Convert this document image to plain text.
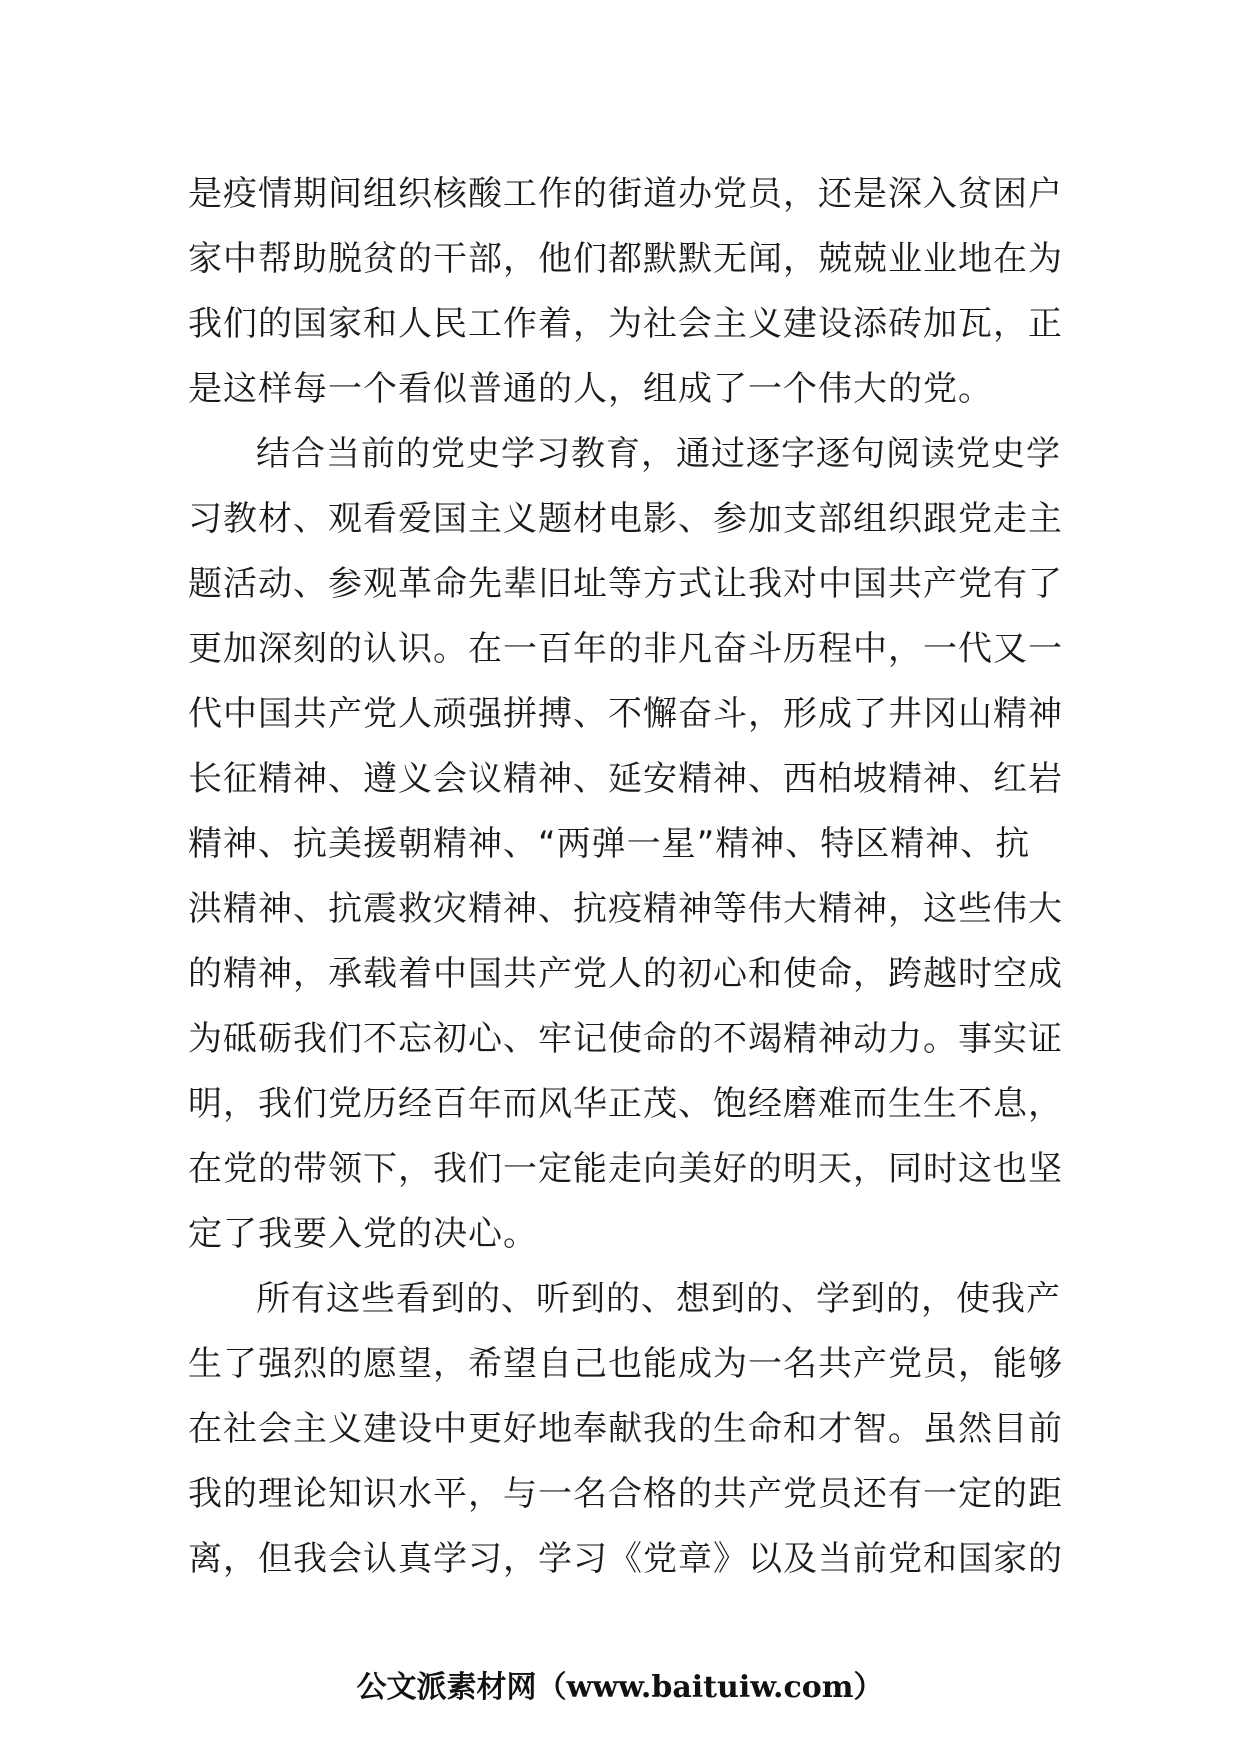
是疫情期间组织核酸工作的街道办党员，还是深入贫困户
家中帮助脱贫的干部，他们都默默无闻，兢兢业业地在为
我们的国家和人民工作着，为社会主义建设添砖加瓦，正
是这样每一个看似普通的人，组成了一个伟大的党。
结合当前的党史学习教育，通过逐字逐句阅读党史学
习教材、观看爱国主义题材电影、参加支部组织跟党走主
题活动、参观革命先辈旧址等方式让我对中国共产党有了
更加深刻的认识。在一百年的非凡奋斗历程中，一代又一
代中国共产党人顽强拼搏、不懈奋斗，形成了井冈山精神
长征精神、遵义会议精神、延安精神、西柏坡精神、红岩
精神、抗美援朝精神、“两弹一星”精神、特区精神、抗
洪精神、抗震救灾精神、抗疫精神等伟大精神，这些伟大
的精神，承载着中国共产党人的初心和使命，跨越时空成
为砥砺我们不忘初心、牢记使命的不竭精神动力。事实证
明，我们党历经百年而风华正茂、饱经磨难而生生不息，
在党的带领下，我们一定能走向美好的明天，同时这也坚
定了我要入党的决心。
所有这些看到的、听到的、想到的、学到的，使我产
生了强烈的愿望，希望自己也能成为一名共产党员，能够
在社会主义建设中更好地奉献我的生命和才智。虽然目前
我的理论知识水平，与一名合格的共产党员还有一定的距
离，但我会认真学习，学习《党章》以及当前党和国家的
公文派素材网（www.baituiw.com）
